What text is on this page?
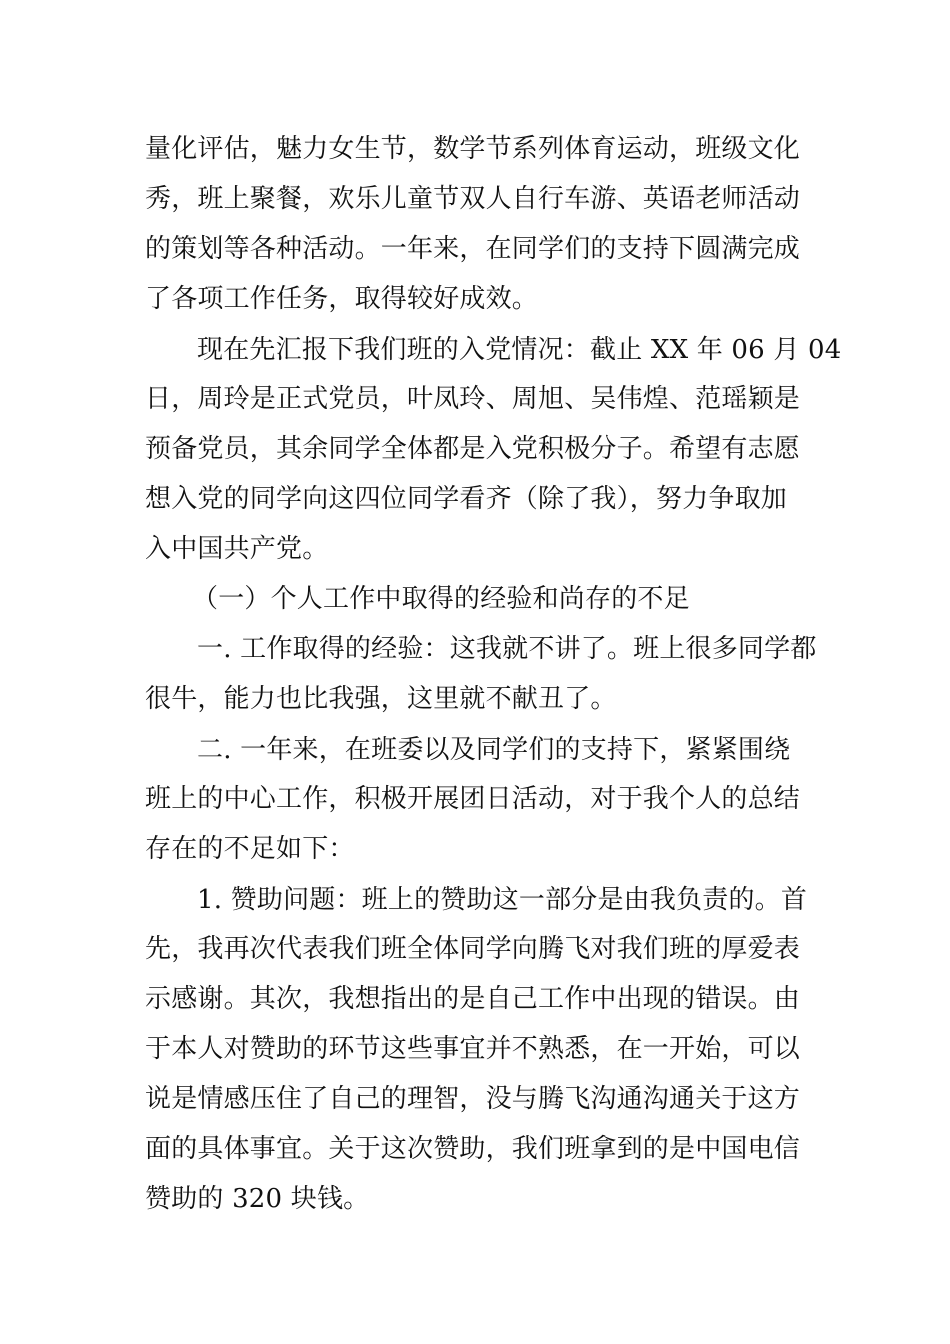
量化评估，魅力女生节，数学节系列体育运动，班级文化
秀，班上聚餐，欢乐儿童节双人自行车游、英语老师活动
的策划等各种活动。一年来，在同学们的支持下圆满完成
了各项工作任务，取得较好成效。
现在先汇报下我们班的入党情况：截止 XX 年 06 月 04
日，周玲是正式党员，叶凤玲、周旭、吴伟煌、范瑶颖是
预备党员，其余同学全体都是入党积极分子。希望有志愿
想入党的同学向这四位同学看齐（除了我），努力争取加
入中国共产党。
（一）个人工作中取得的经验和尚存的不足
一. 工作取得的经验：这我就不讲了。班上很多同学都
很牛，能力也比我强，这里就不献丑了。
二. 一年来，在班委以及同学们的支持下，紧紧围绕
班上的中心工作，积极开展团日活动，对于我个人的总结
存在的不足如下：
1. 赞助问题：班上的赞助这一部分是由我负责的。首
先，我再次代表我们班全体同学向腾飞对我们班的厚爱表
示感谢。其次，我想指出的是自己工作中出现的错误。由
于本人对赞助的环节这些事宜并不熟悉，在一开始，可以
说是情感压住了自己的理智，没与腾飞沟通沟通关于这方
面的具体事宜。关于这次赞助，我们班拿到的是中国电信
赞助的 320 块钱。
